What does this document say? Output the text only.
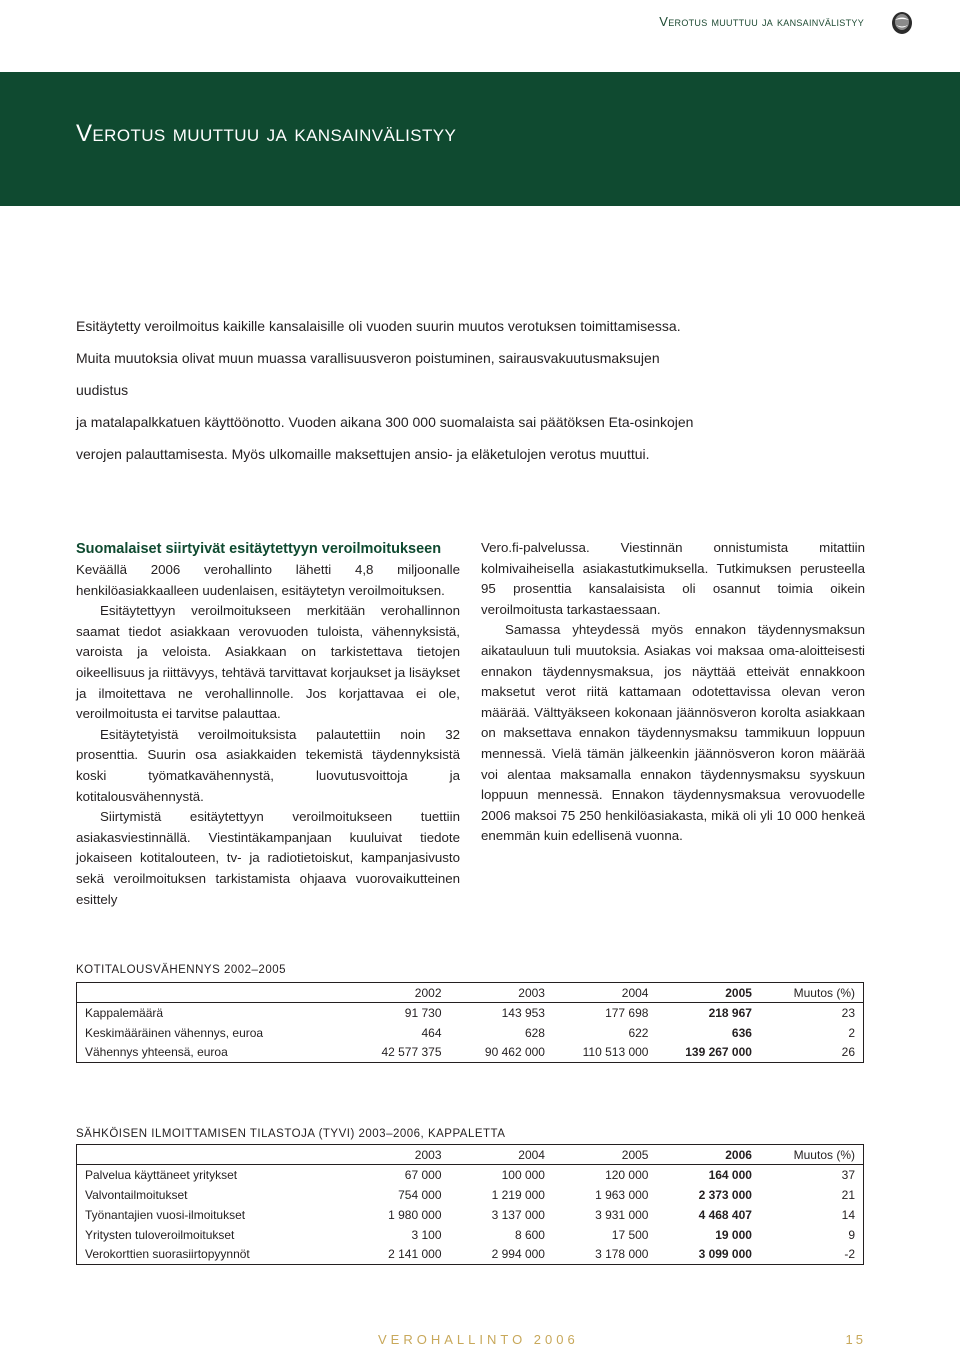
Verotus muuttuu ja kansainvälistyy
Verotus muuttuu ja kansainvälistyy

Esitäytetty veroilmoitus kaikille kansalaisille oli vuoden suurin muutos verotuksen toimittamisessa.

Muita muutoksia olivat muun muassa varallisuusveron poistuminen, sairausvakuutusmaksujen uudistus

ja matalapalkkatuen käyttöönotto. Vuoden aikana 300 000 suomalaista sai päätöksen Eta-osinkojen

verojen palauttamisesta. Myös ulkomaille maksettujen ansio- ja eläketulojen verotus muuttui.

Suomalaiset siirtyivät esitäytettyyn veroilmoitukseen

Keväällä 2006 verohallinto lähetti 4,8 miljoonalle henkilöasiakkaalleen uudenlaisen, esitäytetyn veroilmoituksen.

Esitäytettyyn veroilmoitukseen merkitään verohallinnon saamat tiedot asiakkaan verovuoden tuloista, vähennyksistä, varoista ja veloista. Asiakkaan on tarkistettava tietojen oikeellisuus ja riittävyys, tehtävä tarvittavat korjaukset ja lisäykset ja ilmoitettava ne verohallinnolle. Jos korjattavaa ei ole, veroilmoitusta ei tarvitse palauttaa.

Esitäytetyistä veroilmoituksista palautettiin noin 32 prosenttia. Suurin osa asiakkaiden tekemistä täydennyksistä koski työmatkavähennystä, luovutusvoittoja ja kotitalousvähennystä.

Siirtymistä esitäytettyyn veroilmoitukseen tuettiin asiakasviestinnällä. Viestintäkampanjaan kuuluivat tiedote jokaiseen kotitalouteen, tv- ja radiotietoiskut, kampanjasivusto sekä veroilmoituksen tarkistamista ohjaava vuorovaikutteinen esittely

Vero.fi-palvelussa. Viestinnän onnistumista mitattiin kolmivaiheisella asiakastutkimuksella. Tutkimuksen perusteella 95 prosenttia kansalaisista oli osannut toimia oikein veroilmoitusta tarkastaessaan.

Samassa yhteydessä myös ennakon täydennysmaksun aikatauluun tuli muutoksia. Asiakas voi maksaa oma-aloitteisesti ennakon täydennysmaksua, jos näyttää etteivät ennakkoon maksetut verot riitä kattamaan odotettavissa olevan veron määrää. Välttyäkseen kokonaan jäännösveron korolta asiakkaan on maksettava ennakon täydennysmaksu tammikuun loppuun mennessä. Vielä tämän jälkeenkin jäännösveron koron määrää voi alentaa maksamalla ennakon täydennysmaksu syyskuun loppuun mennessä. Ennakon täydennysmaksua verovuodelle 2006 maksoi 75 250 henkilöasiakasta, mikä oli yli 10 000 henkeä enemmän kuin edellisenä vuonna.

KOTITALOUSVÄHENNYS 2002–2005
	2002	2003	2004	2005	Muutos (%)
Kappalemäärä	91 730	143 953	177 698	218 967	23
Keskimääräinen vähennys, euroa	464	628	622	636	2
Vähennys yhteensä, euroa	42 577 375	90 462 000	110 513 000	139 267 000	26
SÄHKÖISEN ILMOITTAMISEN TILASTOJA (TYVI) 2003–2006, KAPPALETTA
	2003	2004	2005	2006	Muutos (%)
Palvelua käyttäneet yritykset	67 000	100 000	120 000	164 000	37
Valvontailmoitukset	754 000	1 219 000	1 963 000	2 373 000	21
Työnantajien vuosi-ilmoitukset	1 980 000	3 137 000	3 931 000	4 468 407	14
Yritysten tuloveroilmoitukset	3 100	8 600	17 500	19 000	9
Verokorttien suorasiirtopyynnöt	2 141 000	2 994 000	3 178 000	3 099 000	-2
VEROHALLINTO 2006	15
